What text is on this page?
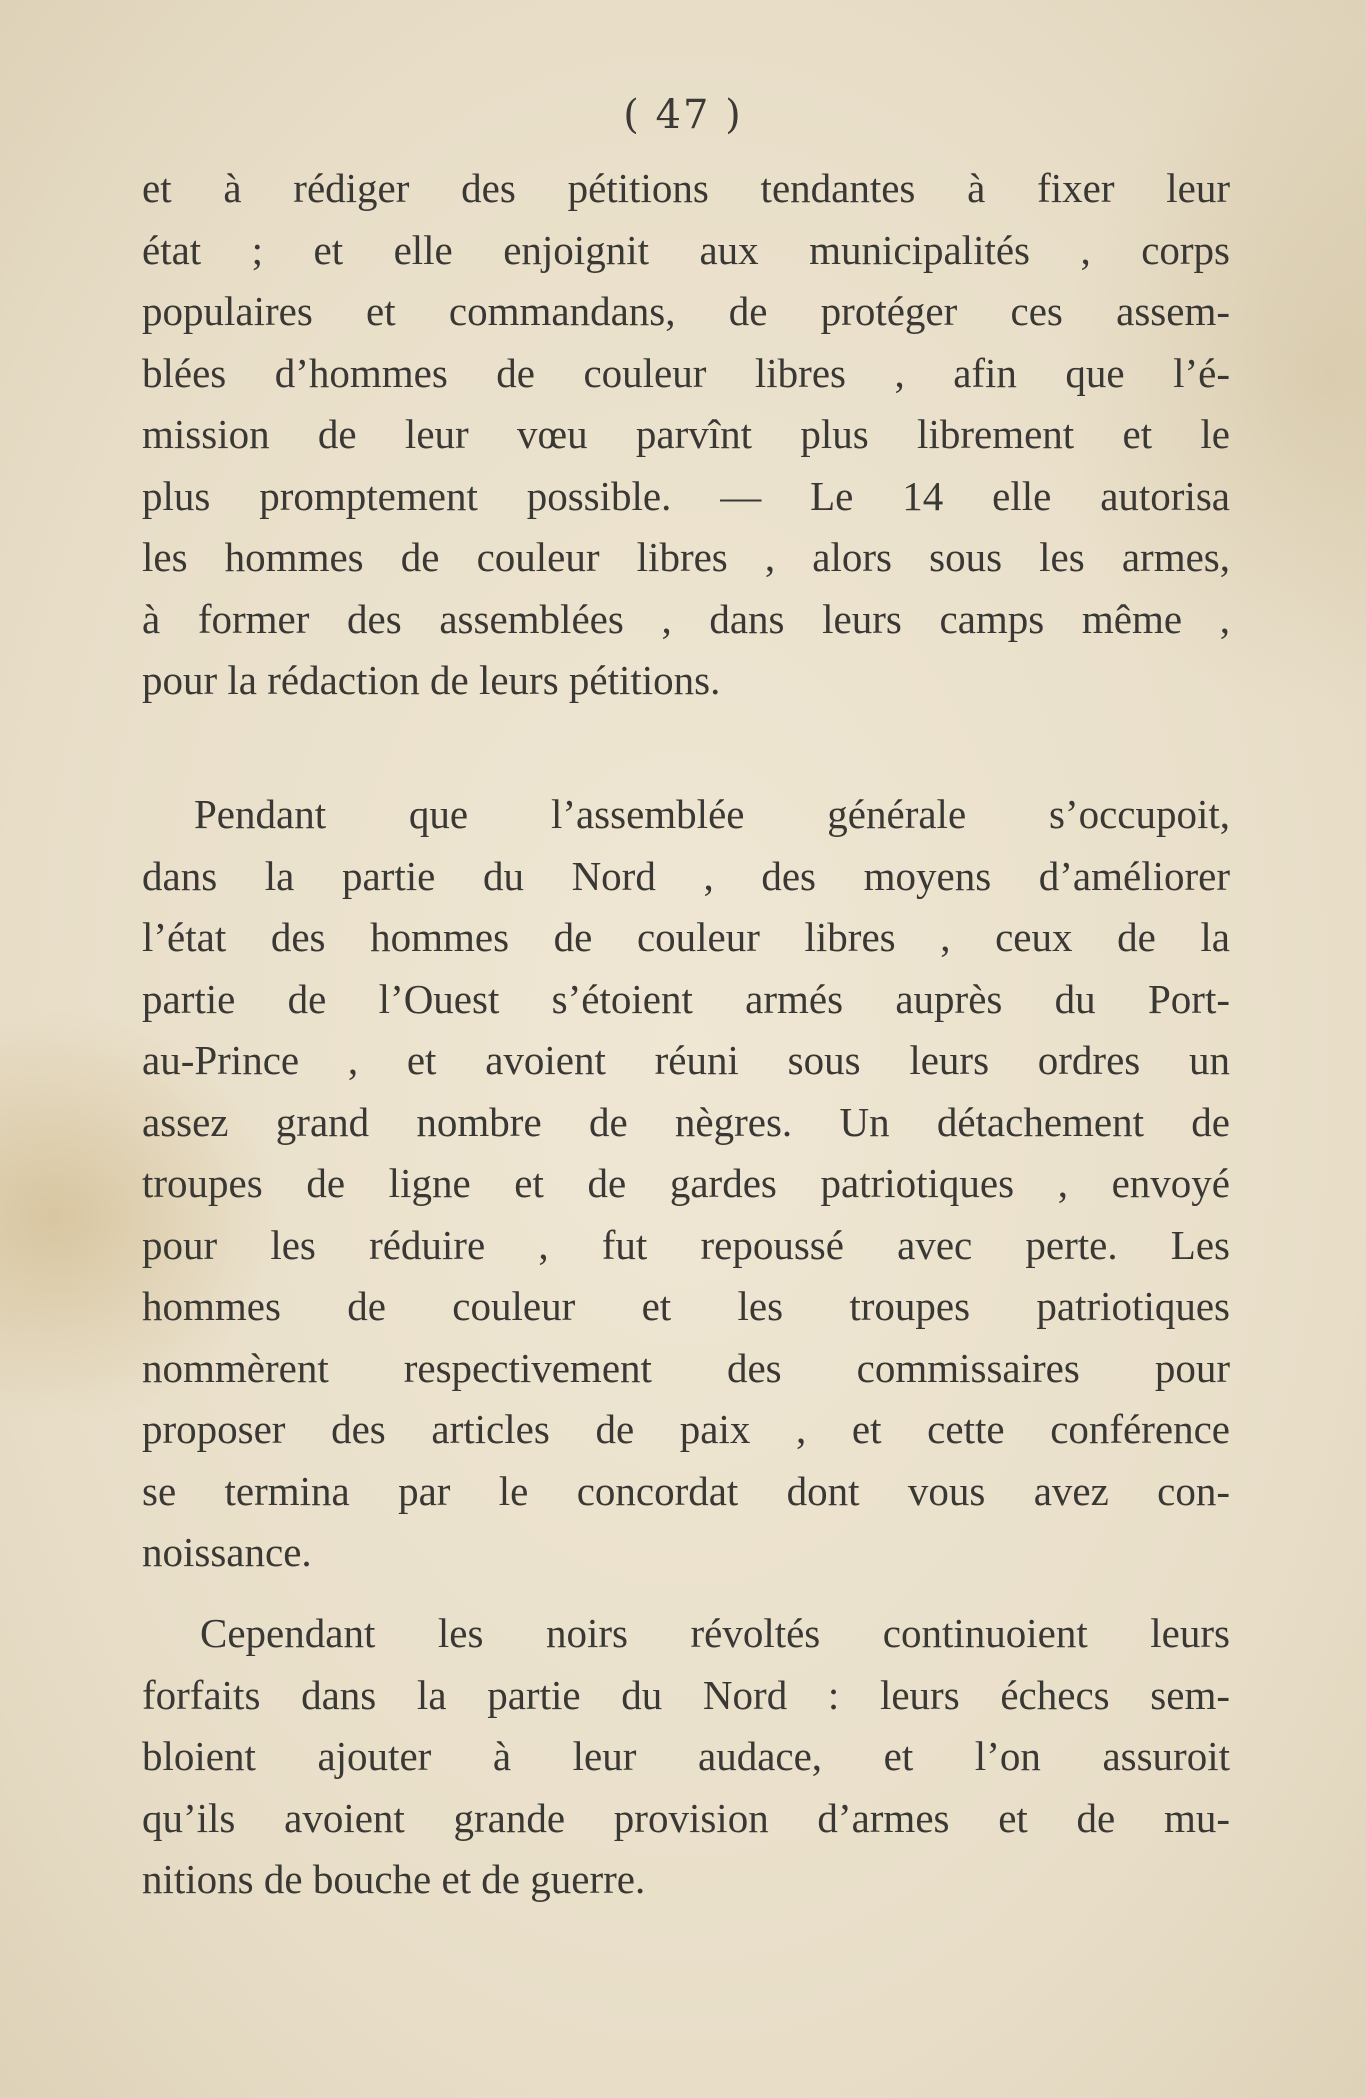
( 47 )
et à rédiger des pétitions tendantes à fixer leur
état ; et elle enjoignit aux municipalités , corps
populaires et commandans, de protéger ces assem-
blées d’hommes de couleur libres , afin que l’é-
mission de leur vœu parvînt plus librement et le
plus promptement possible. — Le 14 elle autorisa
les hommes de couleur libres , alors sous les armes,
à former des assemblées , dans leurs camps même ,
pour la rédaction de leurs pétitions.
Pendant que l’assemblée générale s’occupoit,
dans la partie du Nord , des moyens d’améliorer
l’état des hommes de couleur libres , ceux de la
partie de l’Ouest s’étoient armés auprès du Port-
au-Prince , et avoient réuni sous leurs ordres un
assez grand nombre de nègres. Un détachement de
troupes de ligne et de gardes patriotiques , envoyé
pour les réduire , fut repoussé avec perte. Les
hommes de couleur et les troupes patriotiques
nommèrent respectivement des commissaires pour
proposer des articles de paix , et cette conférence
se termina par le concordat dont vous avez con-
noissance.
Cependant les noirs révoltés continuoient leurs
forfaits dans la partie du Nord : leurs échecs sem-
bloient ajouter à leur audace, et l’on assuroit
qu’ils avoient grande provision d’armes et de mu-
nitions de bouche et de guerre.
